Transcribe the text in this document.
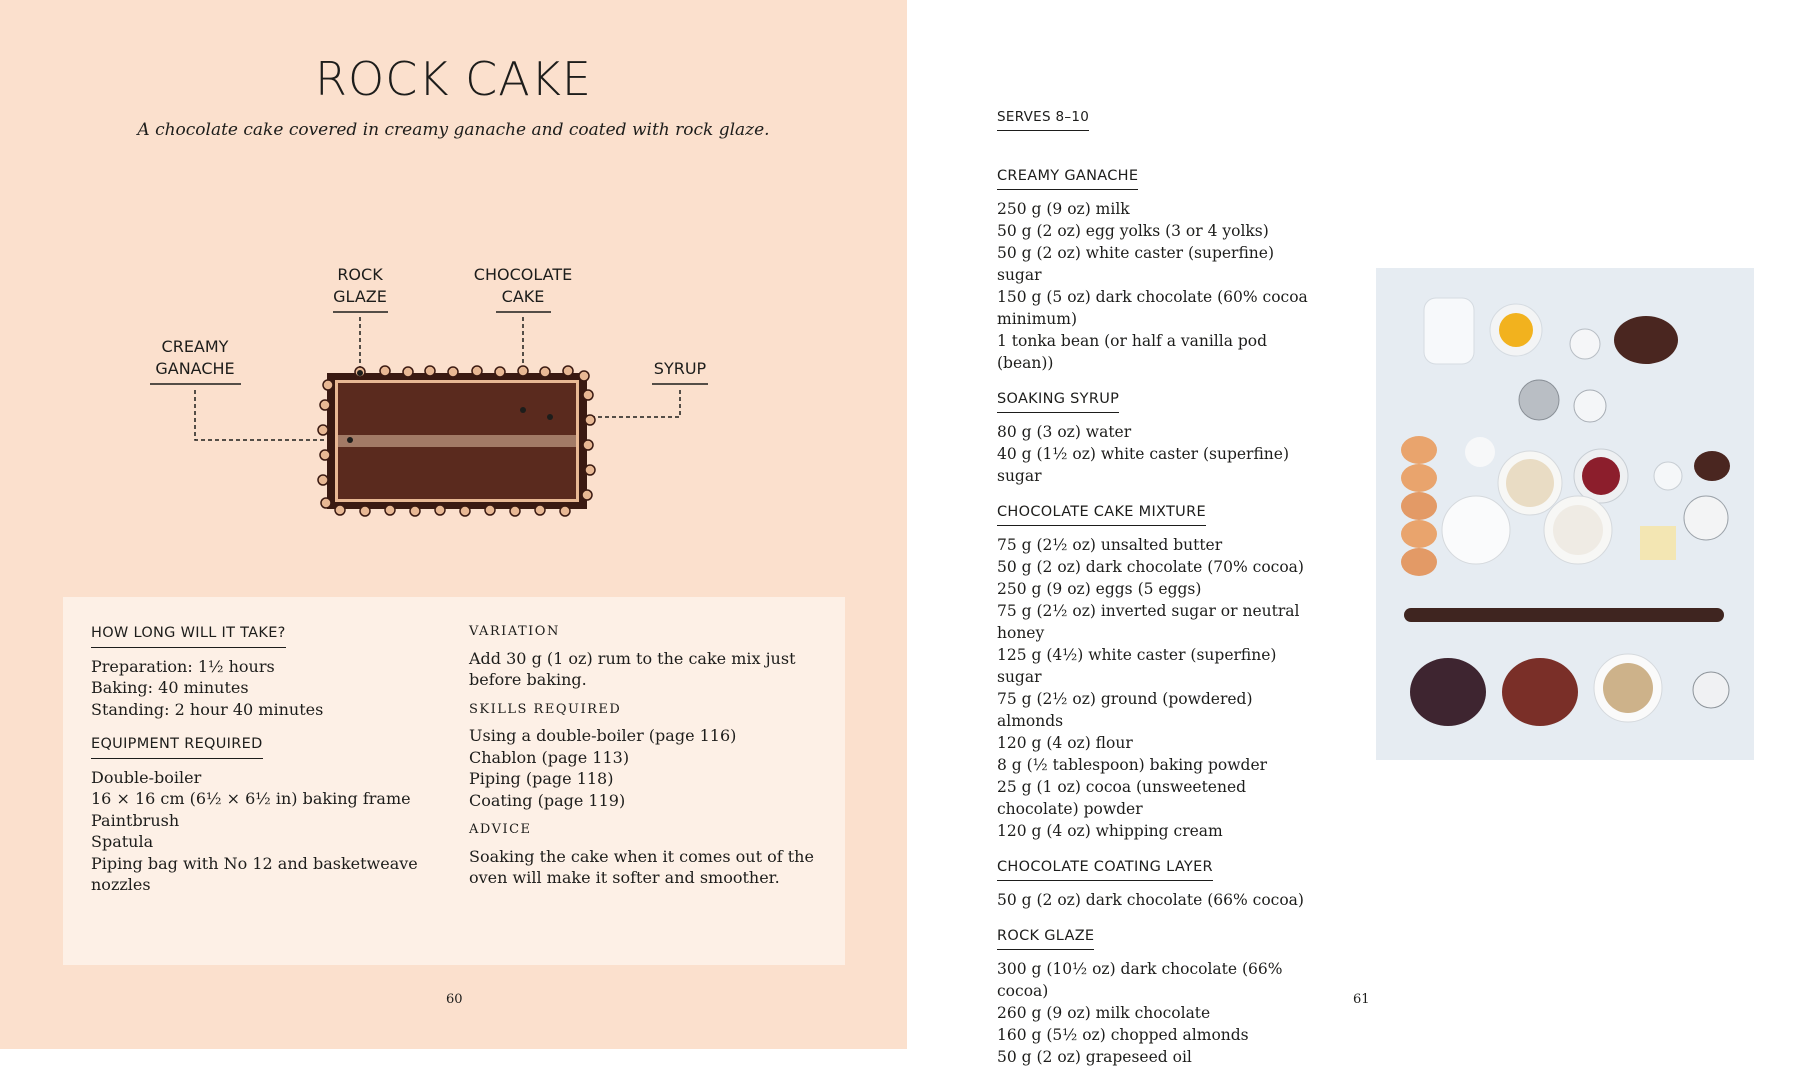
ROCK CAKE
A chocolate cake covered in creamy ganache and coated with rock glaze.
ROCK
GLAZE
CHOCOLATE
CAKE
CREAMY
GANACHE	SYRUP
HOW LONG WILL IT TAKE?
Preparation: 1½ hours
Baking: 40 minutes
Standing: 2 hour 40 minutes
EQUIPMENT REQUIRED
Double-boiler
16 × 16 cm (6½ × 6½ in) baking frame
Paintbrush
Spatula
Piping bag with No 12 and basketweave nozzles
VARIATION
Add 30 g (1 oz) rum to the cake mix just before baking.
SKILLS REQUIRED
Using a double-boiler (page 116)
Chablon (page 113)
Piping (page 118)
Coating (page 119)
ADVICE
Soaking the cake when it comes out of the oven will make it softer and smoother.
60
SERVES 8–10
CREAMY GANACHE
250 g (9 oz) milk
50 g (2 oz) egg yolks (3 or 4 yolks)
50 g (2 oz) white caster (superfine) sugar
150 g (5 oz) dark chocolate (60% cocoa minimum)
1 tonka bean (or half a vanilla pod (bean))
SOAKING SYRUP
80 g (3 oz) water
40 g (1½ oz) white caster (superfine) sugar
CHOCOLATE CAKE MIXTURE
75 g (2½ oz) unsalted butter
50 g (2 oz) dark chocolate (70% cocoa)
250 g (9 oz) eggs (5 eggs)
75 g (2½ oz) inverted sugar or neutral honey
125 g (4½) white caster (superfine) sugar
75 g (2½ oz) ground (powdered) almonds
120 g (4 oz) flour
8 g (½ tablespoon) baking powder
25 g (1 oz) cocoa (unsweetened chocolate) powder
120 g (4 oz) whipping cream
CHOCOLATE COATING LAYER
50 g (2 oz) dark chocolate (66% cocoa)
ROCK GLAZE
300 g (10½ oz) dark chocolate (66% cocoa)
260 g (9 oz) milk chocolate
160 g (5½ oz) chopped almonds
50 g (2 oz) grapeseed oil
61
